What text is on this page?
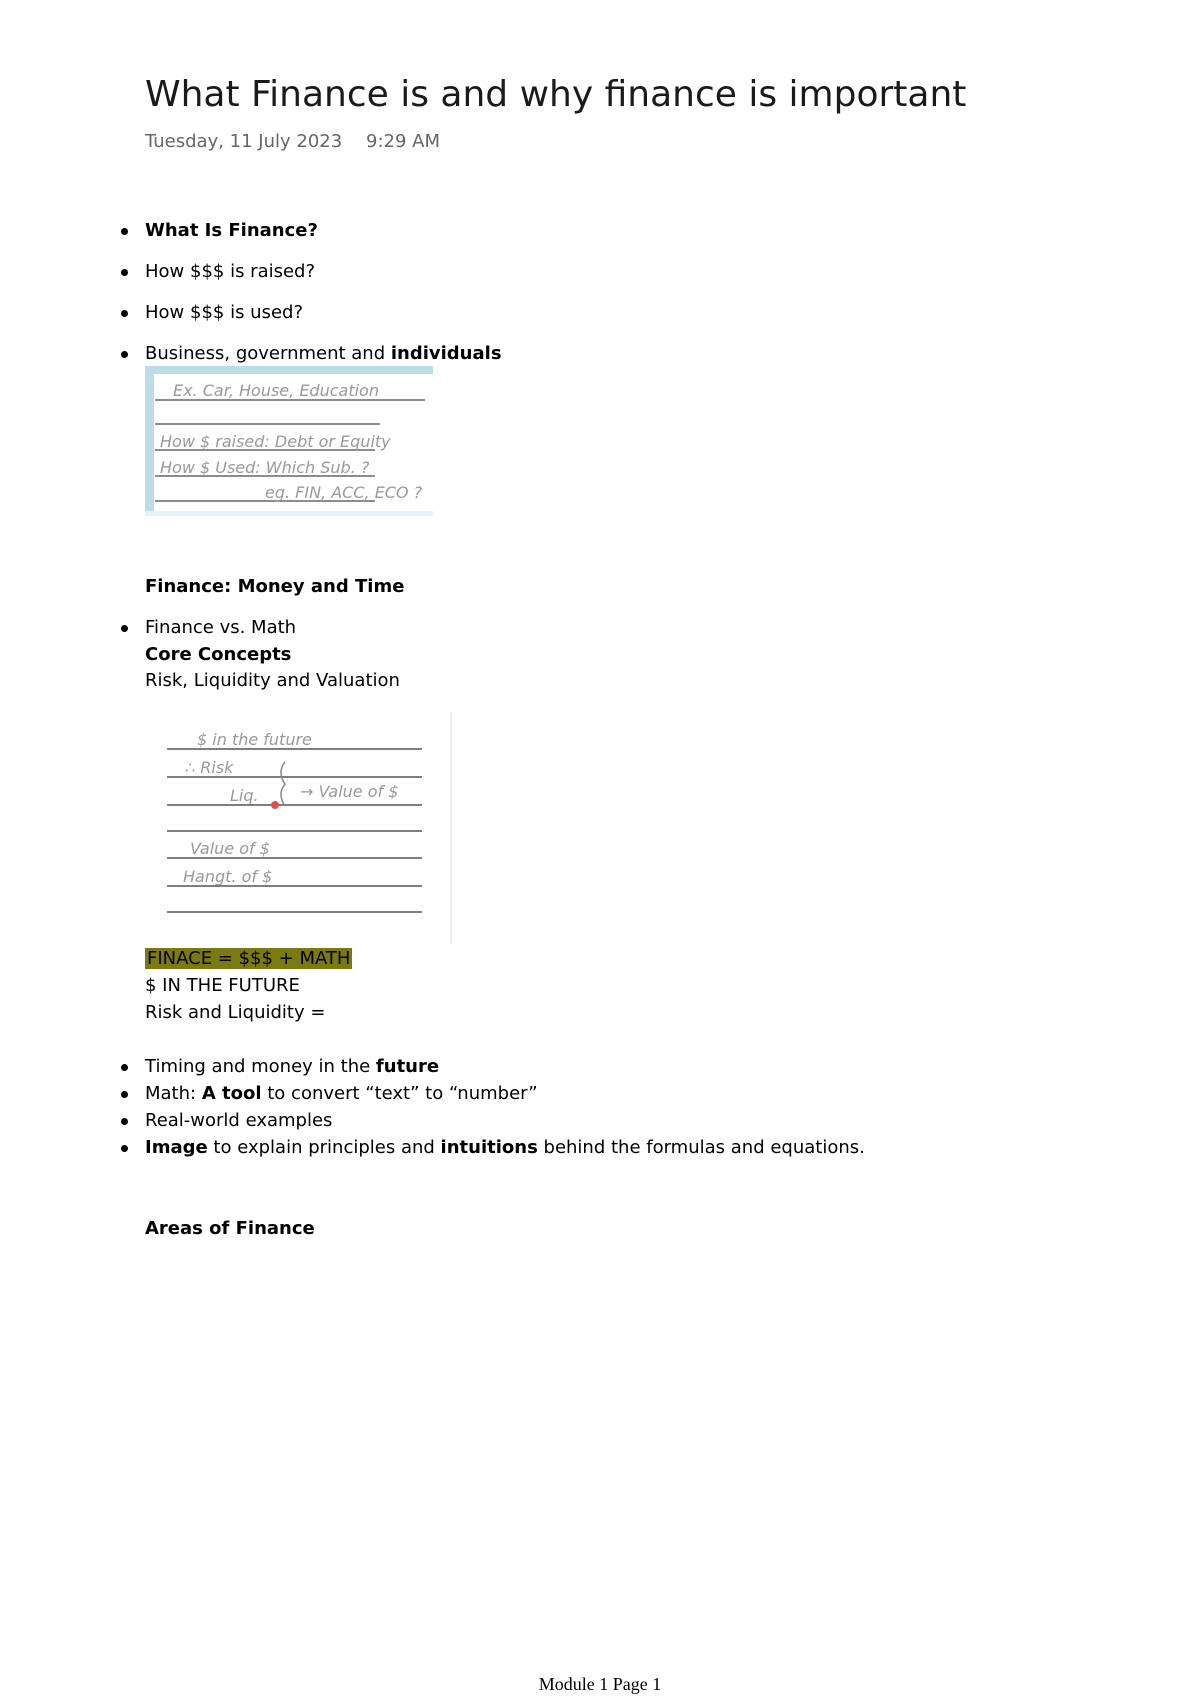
What Finance is and why finance is important
Tuesday, 11 July 2023 9:29 AM
What Is Finance?
How $$$ is raised?
How $$$ is used?
Business, government and individuals
Ex. Car, House, Education
How $ raised: Debt or Equity
How $ Used: Which Sub. ?
eg. FIN, ACC, ECO ?
Finance: Money and Time
Finance vs. Math
Core Concepts
Risk, Liquidity and Valuation
$ in the future
∴ Risk
Liq.	→ Value of $
Value of $
Hangt. of $
FINACE = $$$ + MATH
$ IN THE FUTURE
Risk and Liquidity =
Timing and money in the future
Math: A tool to convert “text” to “number”
Real-world examples
Image to explain principles and intuitions behind the formulas and equations.
Areas of Finance
Module 1 Page 1
